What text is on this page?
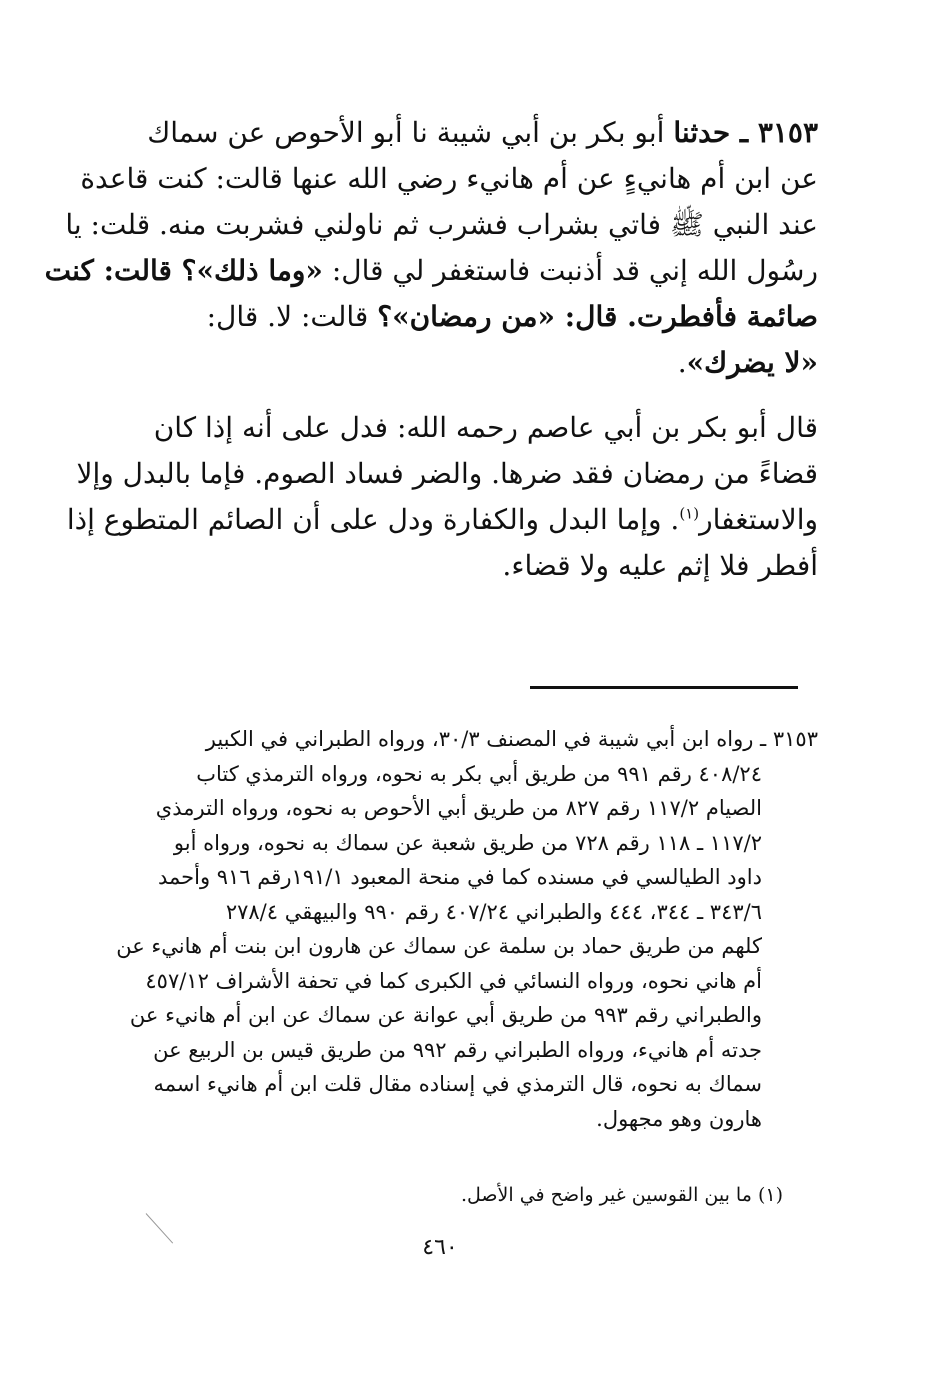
٣١٥٣ ـ حدثنا أبو بكر بن أبي شيبة نا أبو الأحوص عن سماك
عن ابن أم هانيءٍ عن أم هانيء رضي الله عنها قالت: كنت قاعدة
عند النبي ﷺ فاتي بشراب فشرب ثم ناولني فشربت منه. قلت: يا
رسُول الله إني قد أذنبت فاستغفر لي قال: «وما ذلك»؟ قالت: كنت
صائمة فأفطرت. قال: «من رمضان»؟ قالت: لا. قال:
«لا يضرك».
قال أبو بكر بن أبي عاصم رحمه الله: فدل على أنه إذا كان
قضاءً من رمضان فقد ضرها. والضر فساد الصوم. فإما بالبدل وإلا
والاستغفار$^{(١)}$. وإما البدل والكفارة ودل على أن الصائم المتطوع إذا
أفطر فلا إثم عليه ولا قضاء.
٣١٥٣ ـ رواه ابن أبي شيبة في المصنف ٣٠/٣، ورواه الطبراني في الكبير
٤٠٨/٢٤ رقم ٩٩١ من طريق أبي بكر به نحوه، ورواه الترمذي كتاب
الصيام ١١٧/٢ رقم ٨٢٧ من طريق أبي الأحوص به نحوه، ورواه الترمذي
١١٧/٢ ـ ١١٨ رقم ٧٢٨ من طريق شعبة عن سماك به نحوه، ورواه أبو
داود الطيالسي في مسنده كما في منحة المعبود ١٩١/١رقم ٩١٦ وأحمد
٣٤٣/٦ ـ ٣٤٤، ٤٤٤ والطبراني ٤٠٧/٢٤ رقم ٩٩٠ والبيهقي ٢٧٨/٤
كلهم من طريق حماد بن سلمة عن سماك عن هارون ابن بنت أم هانيء عن
أم هاني نحوه، ورواه النسائي في الكبرى كما في تحفة الأشراف ٤٥٧/١٢
والطبراني رقم ٩٩٣ من طريق أبي عوانة عن سماك عن ابن أم هانيء عن
جدته أم هانيء، ورواه الطبراني رقم ٩٩٢ من طريق قيس بن الربيع عن
سماك به نحوه، قال الترمذي في إسناده مقال قلت ابن أم هانيء اسمه
هارون وهو مجهول.
(١) ما بين القوسين غير واضح في الأصل.
٤٦٠
